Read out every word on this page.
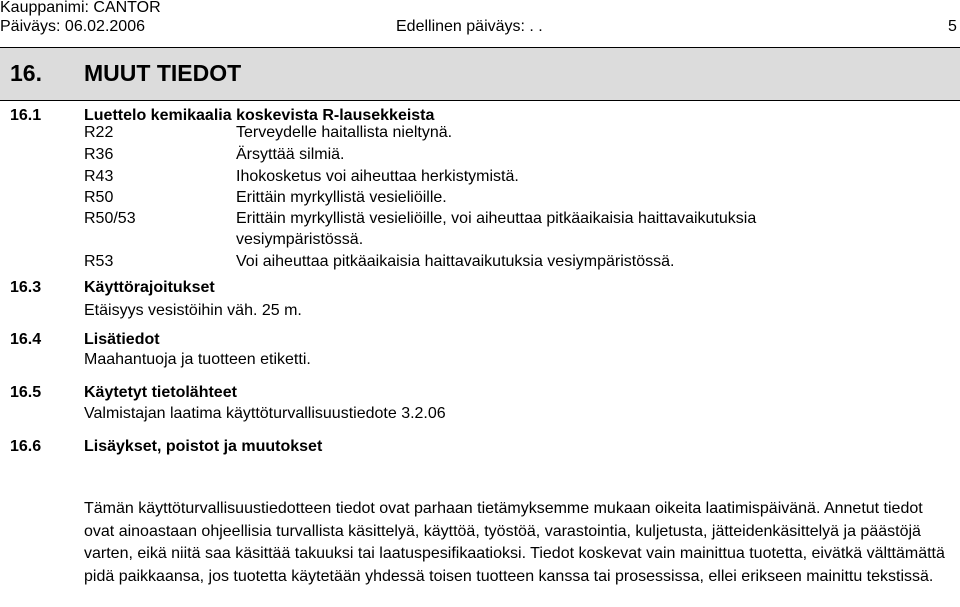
Kauppanimi: CANTOR
Päiväys: 06.02.2006	Edellinen päiväys: . .	5
16. MUUT TIEDOT
16.1	Luettelo kemikaalia koskevista R-lausekkeista
R22	Terveydelle haitallista nieltynä.
R36	Ärsyttää silmiä.
R43	Ihokosketus voi aiheuttaa herkistymistä.
R50	Erittäin myrkyllistä vesieliöille.
R50/53	Erittäin myrkyllistä vesieliöille, voi aiheuttaa pitkäaikaisia haittavaikutuksia
vesiympäristössä.
R53	Voi aiheuttaa pitkäaikaisia haittavaikutuksia vesiympäristössä.
16.3	Käyttörajoitukset
Etäisyys vesistöihin väh. 25 m.
16.4	Lisätiedot
Maahantuoja ja tuotteen etiketti.
16.5	Käytetyt tietolähteet
Valmistajan laatima käyttöturvallisuustiedote 3.2.06
16.6	Lisäykset, poistot ja muutokset
Tämän käyttöturvallisuustiedotteen tiedot ovat parhaan tietämyksemme mukaan oikeita laatimispäivänä. Annetut tiedot ovat ainoastaan ohjeellisia turvallista käsittelyä, käyttöä, työstöä, varastointia, kuljetusta, jätteidenkäsittelyä ja päästöjä varten, eikä niitä saa käsittää takuuksi tai laatuspesifikaatioksi. Tiedot koskevat vain mainittua tuotetta, eivätkä välttämättä pidä paikkaansa, jos tuotetta käytetään yhdessä toisen tuotteen kanssa tai prosessissa, ellei erikseen mainittu tekstissä.
